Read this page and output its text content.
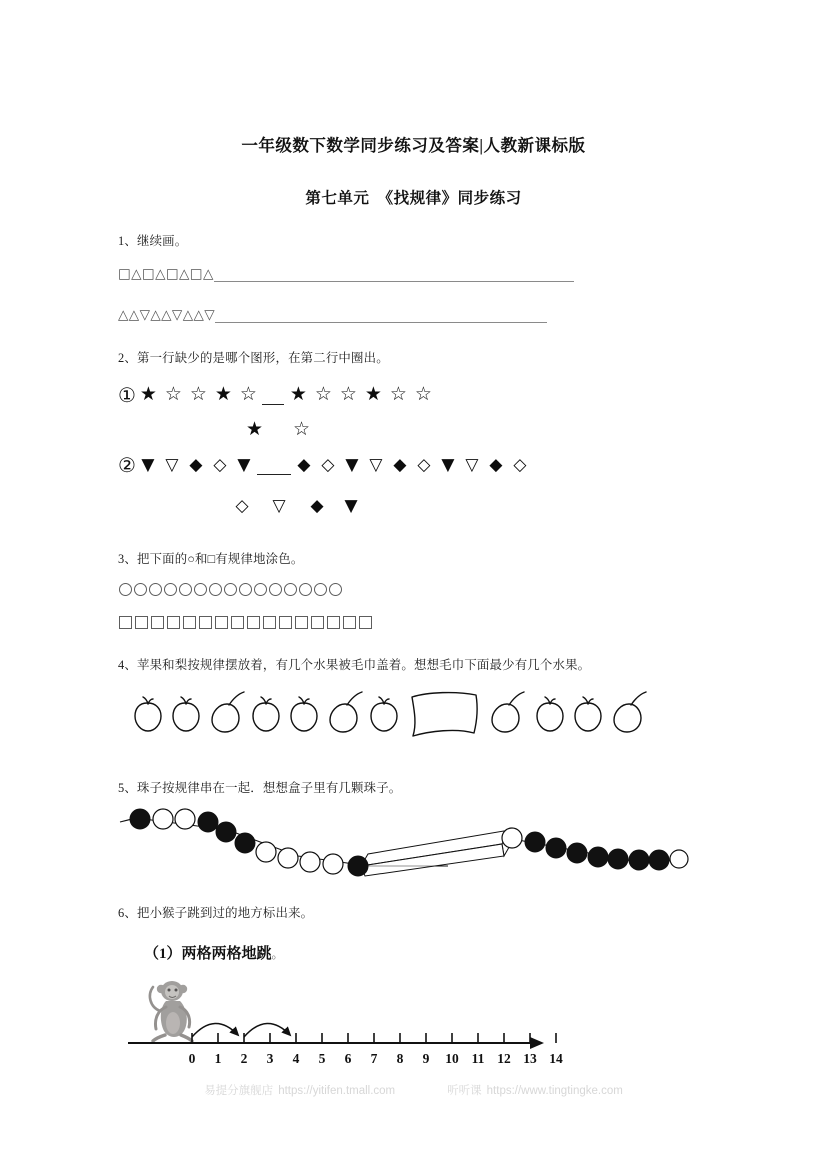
一年级数下数学同步练习及答案|人教新课标版
第七单元　《找规律》同步练习
1、继续画。
□△□△□△□△
△△▽△△▽△△▽
2、第一行缺少的是哪个图形，在第二行中圈出。
① ★ ☆ ☆ ★ ☆ ★ ☆ ☆ ★ ☆ ☆
★ ☆
② ▼ ▽ ◆ ◇ ▼	◆ ◇ ▼ ▽ ◆ ◇ ▼ ▽ ◆ ◇
◇ ▽ ◆ ▼
3、把下面的○和□有规律地涂色。
4、苹果和梨按规律摆放着，有几个水果被毛巾盖着。想想毛巾下面最少有几个水果。
5、珠子按规律串在一起．想想盒子里有几颗珠子。
6、把小猴子跳到过的地方标出来。
（1）两格两格地跳。
0 1 2 3 4 5 6 7 8 9 10 11 12 13 14
易提分旗舰店 https://yitifen.tmall.com	听听课 https://www.tingtingke.com
